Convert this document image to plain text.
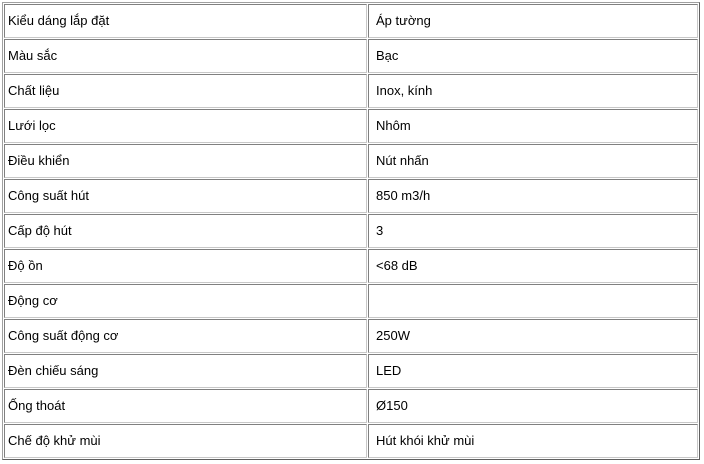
Kiểu dáng lắp đặt	Áp tường
Màu sắc	Bạc
Chất liệu	Inox, kính
Lưới lọc	Nhôm
Điều khiển	Nút nhấn
Công suất hút	850 m3/h
Cấp độ hút	3
Độ ồn	<68 dB
Động cơ	
Công suất động cơ	250W
Đèn chiếu sáng	LED
Ống thoát	Ø150
Chế độ khử mùi	Hút khói khử mùi
